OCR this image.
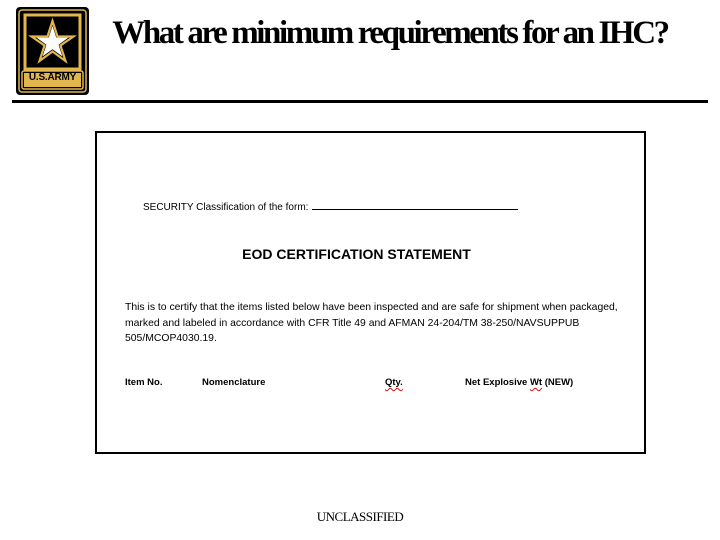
U.S.ARMY
What are minimum requirements for an IHC?
SECURITY Classification of the form:
EOD CERTIFICATION STATEMENT
This is to certify that the items listed below have been inspected and are safe for shipment when packaged, marked and labeled in accordance with CFR Title 49 and AFMAN 24-204/TM 38-250/NAVSUPPUB 505/MCOP4030.19.
Item No.	Nomenclature	Qty.	Net Explosive Wt (NEW)
UNCLASSIFIED
